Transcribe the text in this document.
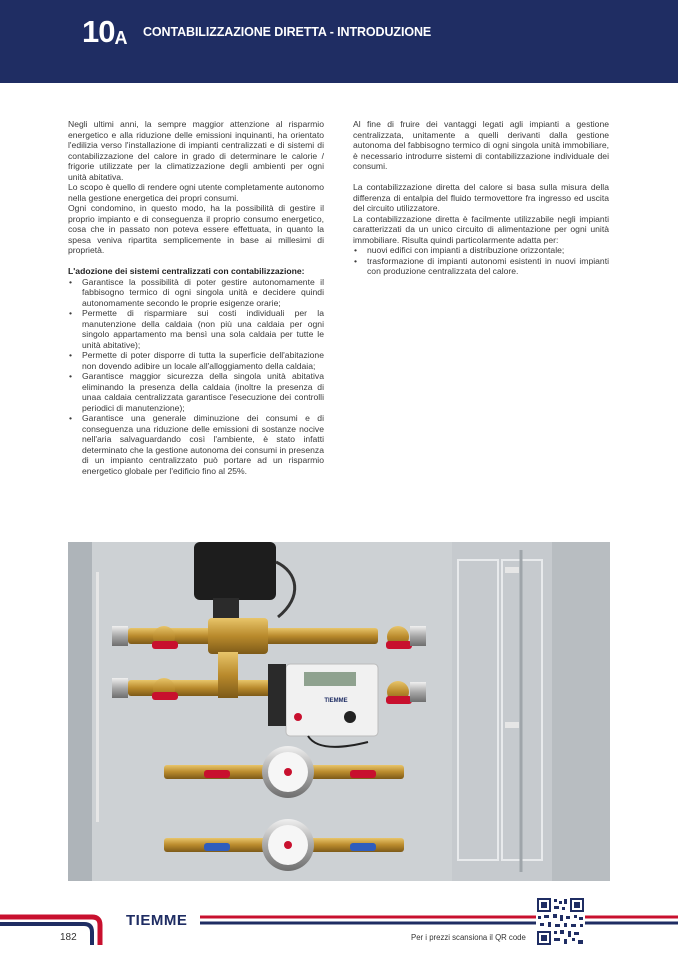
10A CONTABILIZZAZIONE DIRETTA - INTRODUZIONE

Negli ultimi anni, la sempre maggior attenzione al risparmio energetico e alla riduzione delle emissioni inquinanti, ha orientato l'edilizia verso l'installazione di impianti centralizzati e di sistemi di contabilizzazione del calore in grado di determinare le calorie / frigorie utilizzate per la climatizzazione degli ambienti per ogni unità abitativa.

Lo scopo è quello di rendere ogni utente completamente autonomo nella gestione energetica dei propri consumi.

Ogni condomino, in questo modo, ha la possibilità di gestire il proprio impianto e di conseguenza il proprio consumo energetico, cosa che in passato non poteva essere effettuata, in quanto la spesa veniva ripartita semplicemente in base ai millesimi di proprietà.

L'adozione dei sistemi centralizzati con contabilizzazione:

• Garantisce la possibilità di poter gestire autonomamente il fabbisogno termico di ogni singola unità e decidere quindi autonomamente secondo le proprie esigenze orarie;
• Permette di risparmiare sui costi individuali per la manutenzione della caldaia (non più una caldaia per ogni singolo appartamento ma bensì una sola caldaia per tutte le unità abitative);
• Permette di poter disporre di tutta la superficie dell'abitazione non dovendo adibire un locale all'alloggiamento della caldaia;
• Garantisce maggior sicurezza della singola unità abitativa eliminando la presenza della caldaia (inoltre la presenza di unaa caldaia centralizzata garantisce l'esecuzione dei controlli periodici di manutenzione);
• Garantisce una generale diminuzione dei consumi e di conseguenza una riduzione delle emissioni di sostanze nocive nell'aria salvaguardando così l'ambiente, è stato infatti determinato che la gestione autonoma dei consumi in presenza di un impianto centralizzato può portare ad un risparmio energetico globale per l'edificio fino al 25%.

Al fine di fruire dei vantaggi legati agli impianti a gestione centralizzata, unitamente a quelli derivanti dalla gestione autonoma del fabbisogno termico di ogni singola unità immobiliare, è necessario introdurre sistemi di contabilizzazione individuale dei consumi.

La contabilizzazione diretta del calore si basa sulla misura della differenza di entalpia del fluido termovettore fra ingresso ed uscita del circuito utilizzatore.

La contabilizzazione diretta è facilmente utilizzabile negli impianti caratterizzati da un unico circuito di alimentazione per ogni unità immobiliare. Risulta quindi particolarmente adatta per:

• nuovi edifici con impianti a distribuzione orizzontale;
• trasformazione di impianti autonomi esistenti in nuovi impianti con produzione centralizzata del calore.
TIEMME
TIEMME
182	Per i prezzi scansiona il QR code
